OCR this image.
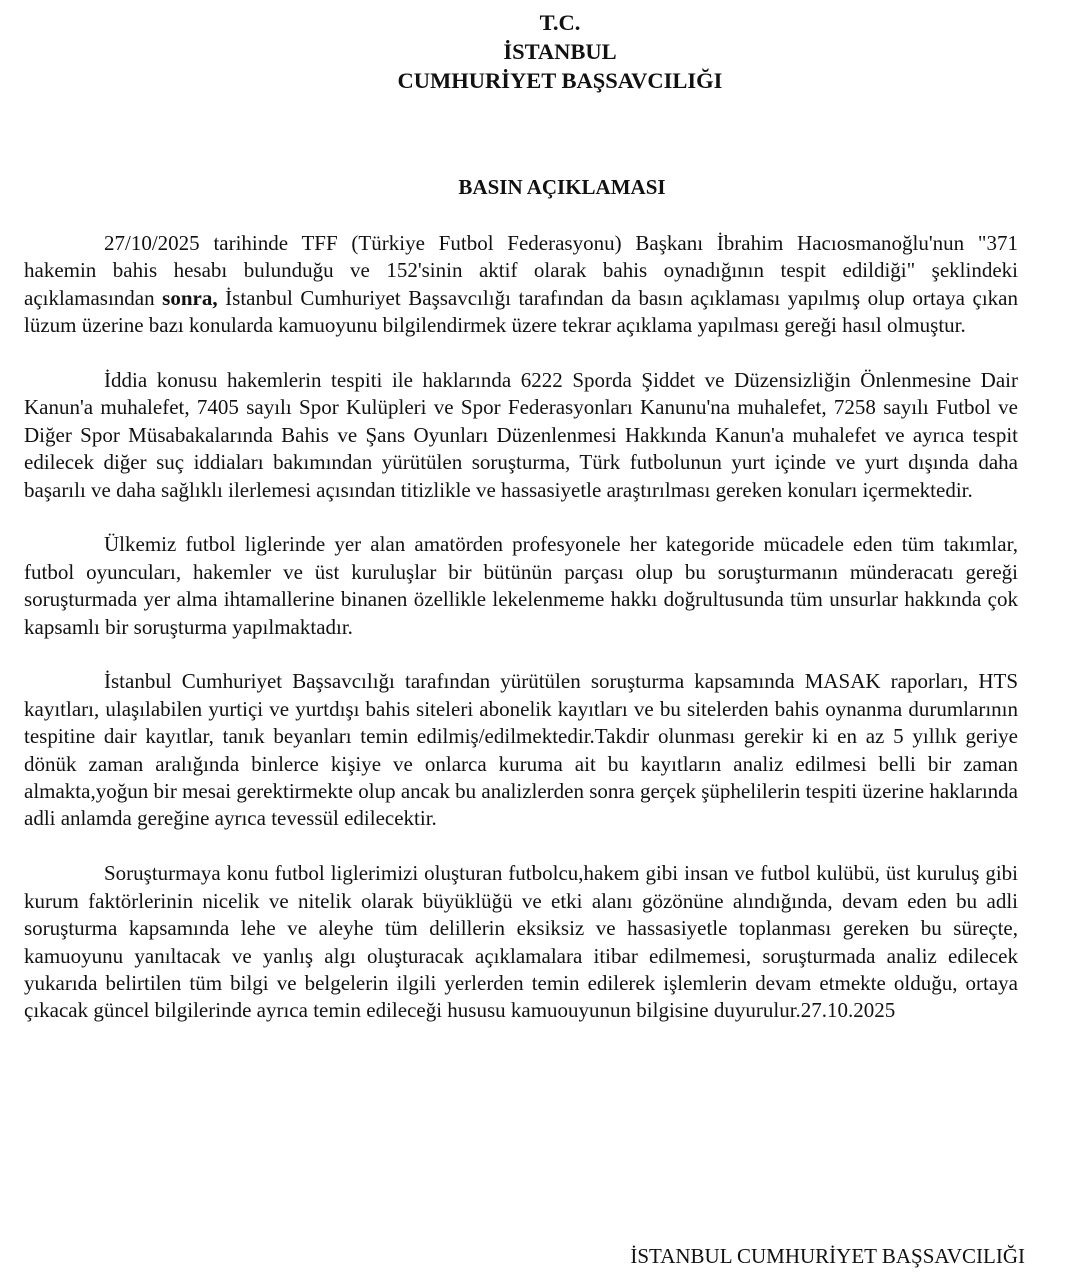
T.C.
İSTANBUL
CUMHURİYET BAŞSAVCILIĞI
BASIN AÇIKLAMASI

27/10/2025 tarihinde TFF (Türkiye Futbol Federasyonu) Başkanı İbrahim Hacıosmanoğlu'nun "371 hakemin bahis hesabı bulunduğu ve 152'sinin aktif olarak bahis oynadığının tespit edildiği" şeklindeki açıklamasından sonra, İstanbul Cumhuriyet Başsavcılığı tarafından da basın açıklaması yapılmış olup ortaya çıkan lüzum üzerine bazı konularda kamuoyunu bilgilendirmek üzere tekrar açıklama yapılması gereği hasıl olmuştur.

İddia konusu hakemlerin tespiti ile haklarında 6222 Sporda Şiddet ve Düzensizliğin Önlenmesine Dair Kanun'a muhalefet, 7405 sayılı Spor Kulüpleri ve Spor Federasyonları Kanunu'na muhalefet, 7258 sayılı Futbol ve Diğer Spor Müsabakalarında Bahis ve Şans Oyunları Düzenlenmesi Hakkında Kanun'a muhalefet ve ayrıca tespit edilecek diğer suç iddiaları bakımından yürütülen soruşturma, Türk futbolunun yurt içinde ve yurt dışında daha başarılı ve daha sağlıklı ilerlemesi açısından titizlikle ve hassasiyetle araştırılması gereken konuları içermektedir.

Ülkemiz futbol liglerinde yer alan amatörden profesyonele her kategoride mücadele eden tüm takımlar, futbol oyuncuları, hakemler ve üst kuruluşlar bir bütünün parçası olup bu soruşturmanın münderacatı gereği soruşturmada yer alma ihtamallerine binanen özellikle lekelenmeme hakkı doğrultusunda tüm unsurlar hakkında çok kapsamlı bir soruşturma yapılmaktadır.

İstanbul Cumhuriyet Başsavcılığı tarafından yürütülen soruşturma kapsamında MASAK raporları, HTS kayıtları, ulaşılabilen yurtiçi ve yurtdışı bahis siteleri abonelik kayıtları ve bu sitelerden bahis oynanma durumlarının tespitine dair kayıtlar, tanık beyanları temin edilmiş/edilmektedir.Takdir olunması gerekir ki en az 5 yıllık geriye dönük zaman aralığında binlerce kişiye ve onlarca kuruma ait bu kayıtların analiz edilmesi belli bir zaman almakta,yoğun bir mesai gerektirmekte olup ancak bu analizlerden sonra gerçek şüphelilerin tespiti üzerine haklarında adli anlamda gereğine ayrıca tevessül edilecektir.

Soruşturmaya konu futbol liglerimizi oluşturan futbolcu,hakem gibi insan ve futbol kulübü, üst kuruluş gibi kurum faktörlerinin nicelik ve nitelik olarak büyüklüğü ve etki alanı gözönüne alındığında, devam eden bu adli soruşturma kapsamında lehe ve aleyhe tüm delillerin eksiksiz ve hassasiyetle toplanması gereken bu süreçte, kamuoyunu yanıltacak ve yanlış algı oluşturacak açıklamalara itibar edilmemesi, soruşturmada analiz edilecek yukarıda belirtilen tüm bilgi ve belgelerin ilgili yerlerden temin edilerek işlemlerin devam etmekte olduğu, ortaya çıkacak güncel bilgilerinde ayrıca temin edileceği hususu kamuouyunun bilgisine duyurulur.27.10.2025

İSTANBUL CUMHURİYET BAŞSAVCILIĞI
